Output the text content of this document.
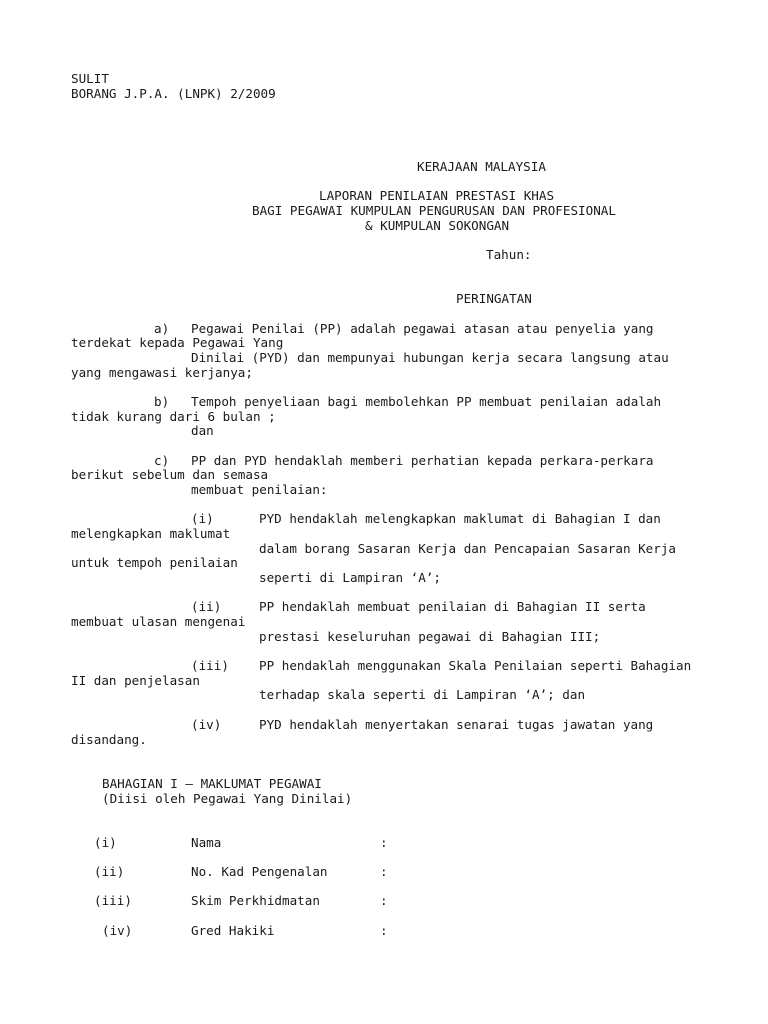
SULIT
BORANG J.P.A. (LNPK) 2/2009
KERAJAAN MALAYSIA
LAPORAN PENILAIAN PRESTASI KHAS
BAGI PEGAWAI KUMPULAN PENGURUSAN DAN PROFESIONAL
& KUMPULAN SOKONGAN
Tahun:
PERINGATAN
a) Pegawai Penilai (PP) adalah pegawai atasan atau penyelia yang
terdekat kepada Pegawai Yang
Dinilai (PYD) dan mempunyai hubungan kerja secara langsung atau
yang mengawasi kerjanya;
b) Tempoh penyeliaan bagi membolehkan PP membuat penilaian adalah
tidak kurang dari 6 bulan ;
dan
c) PP dan PYD hendaklah memberi perhatian kepada perkara-perkara
berikut sebelum dan semasa
membuat penilaian:
(i)	PYD hendaklah melengkapkan maklumat di Bahagian I dan
melengkapkan maklumat
dalam borang Sasaran Kerja dan Pencapaian Sasaran Kerja
untuk tempoh penilaian
seperti di Lampiran ‘A’;
(ii)	PP hendaklah membuat penilaian di Bahagian II serta
membuat ulasan mengenai
prestasi keseluruhan pegawai di Bahagian III;
(iii) PP hendaklah menggunakan Skala Penilaian seperti Bahagian
II dan penjelasan
terhadap skala seperti di Lampiran ‘A’; dan
(iv)	PYD hendaklah menyertakan senarai tugas jawatan yang
disandang.
BAHAGIAN I – MAKLUMAT PEGAWAI
(Diisi oleh Pegawai Yang Dinilai)
(i)	Nama	:
(ii)	No. Kad Pengenalan	:
(iii)	Skim Perkhidmatan	:
(iv)	Gred Hakiki	:
